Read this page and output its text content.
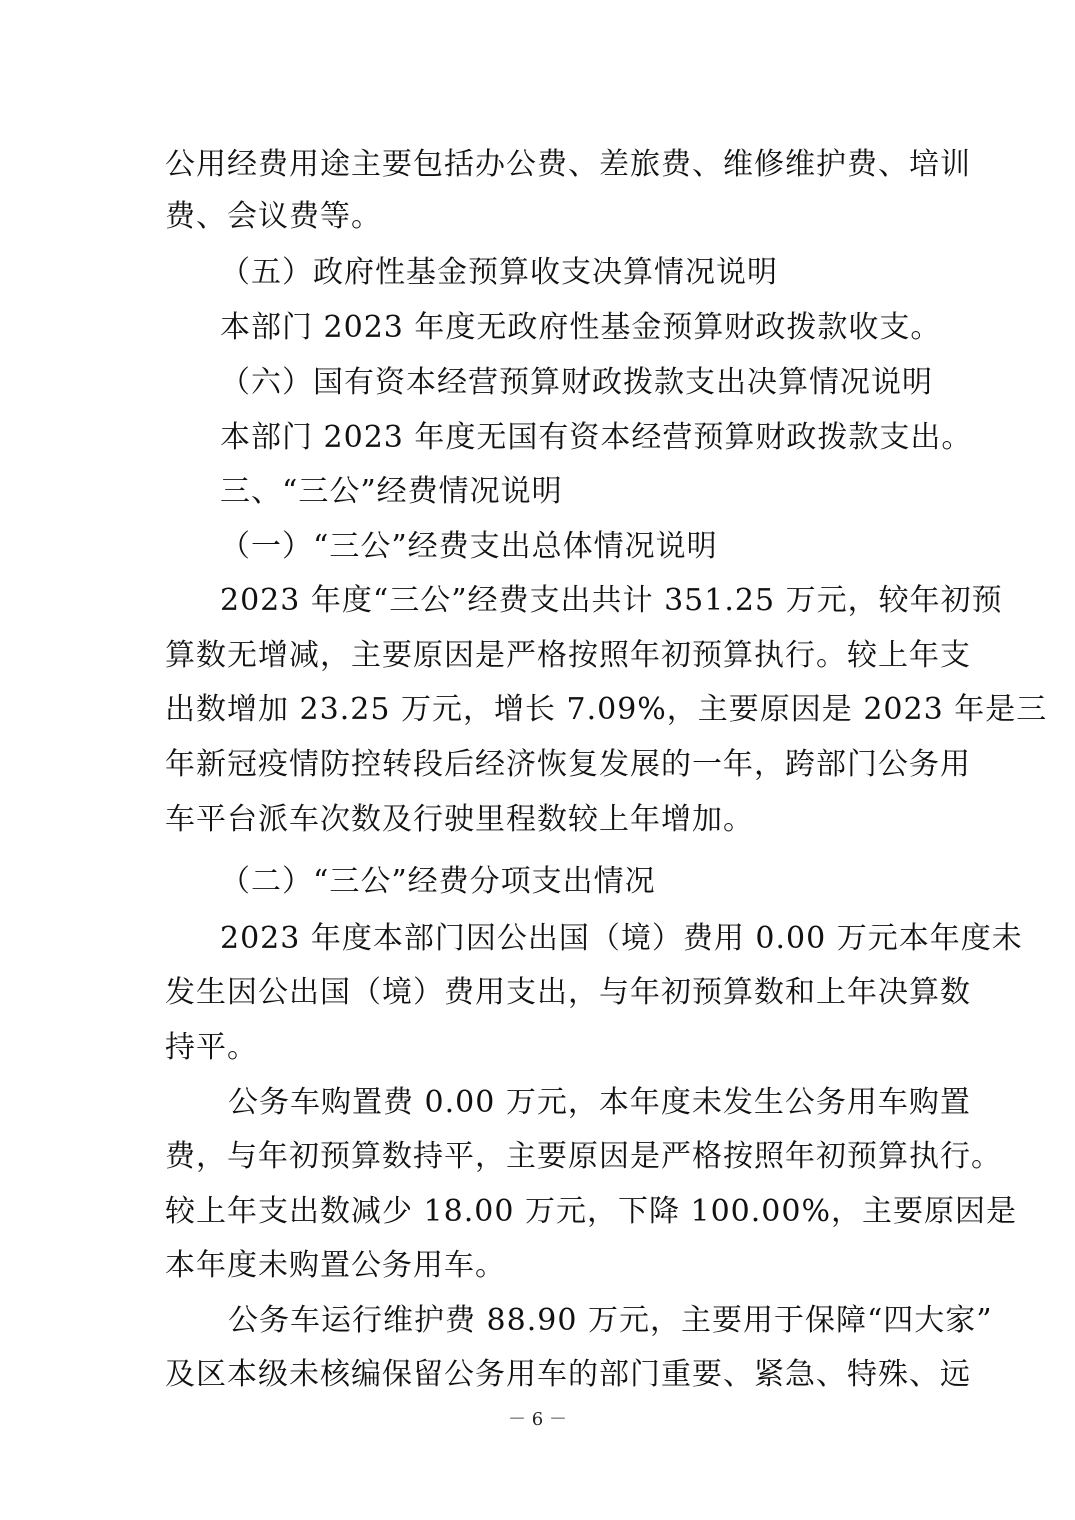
公用经费用途主要包括办公费、差旅费、维修维护费、培训
费、会议费等。
（五）政府性基金预算收支决算情况说明
本部门 2023 年度无政府性基金预算财政拨款收支。
（六）国有资本经营预算财政拨款支出决算情况说明
本部门 2023 年度无国有资本经营预算财政拨款支出。
三、“三公”经费情况说明
（一）“三公”经费支出总体情况说明
2023 年度“三公”经费支出共计 351.25 万元，较年初预
算数无增减，主要原因是严格按照年初预算执行。较上年支
出数增加 23.25 万元，增长 7.09%，主要原因是 2023 年是三
年新冠疫情防控转段后经济恢复发展的一年，跨部门公务用
车平台派车次数及行驶里程数较上年增加。
（二）“三公”经费分项支出情况
2023 年度本部门因公出国（境）费用 0.00 万元本年度未
发生因公出国（境）费用支出，与年初预算数和上年决算数
持平。
公务车购置费 0.00 万元，本年度未发生公务用车购置
费，与年初预算数持平，主要原因是严格按照年初预算执行。
较上年支出数减少 18.00 万元，下降 100.00%，主要原因是
本年度未购置公务用车。
公务车运行维护费 88.90 万元，主要用于保障“四大家”
及区本级未核编保留公务用车的部门重要、紧急、特殊、远
－ 6 －
